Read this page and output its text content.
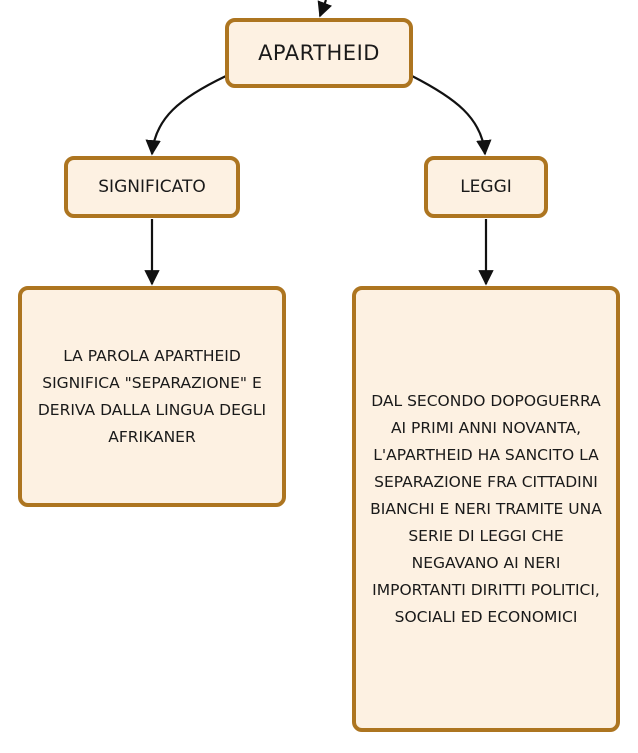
APARTHEID
SIGNIFICATO	LEGGI
LA PAROLA APARTHEID SIGNIFICA "SEPARAZIONE" E DERIVA DALLA LINGUA DEGLI AFRIKANER
DAL SECONDO DOPOGUERRA AI PRIMI ANNI NOVANTA, L'APARTHEID HA SANCITO LA SEPARAZIONE FRA CITTADINI BIANCHI E NERI TRAMITE UNA SERIE DI LEGGI CHE NEGAVANO AI NERI IMPORTANTI DIRITTI POLITICI, SOCIALI ED ECONOMICI
